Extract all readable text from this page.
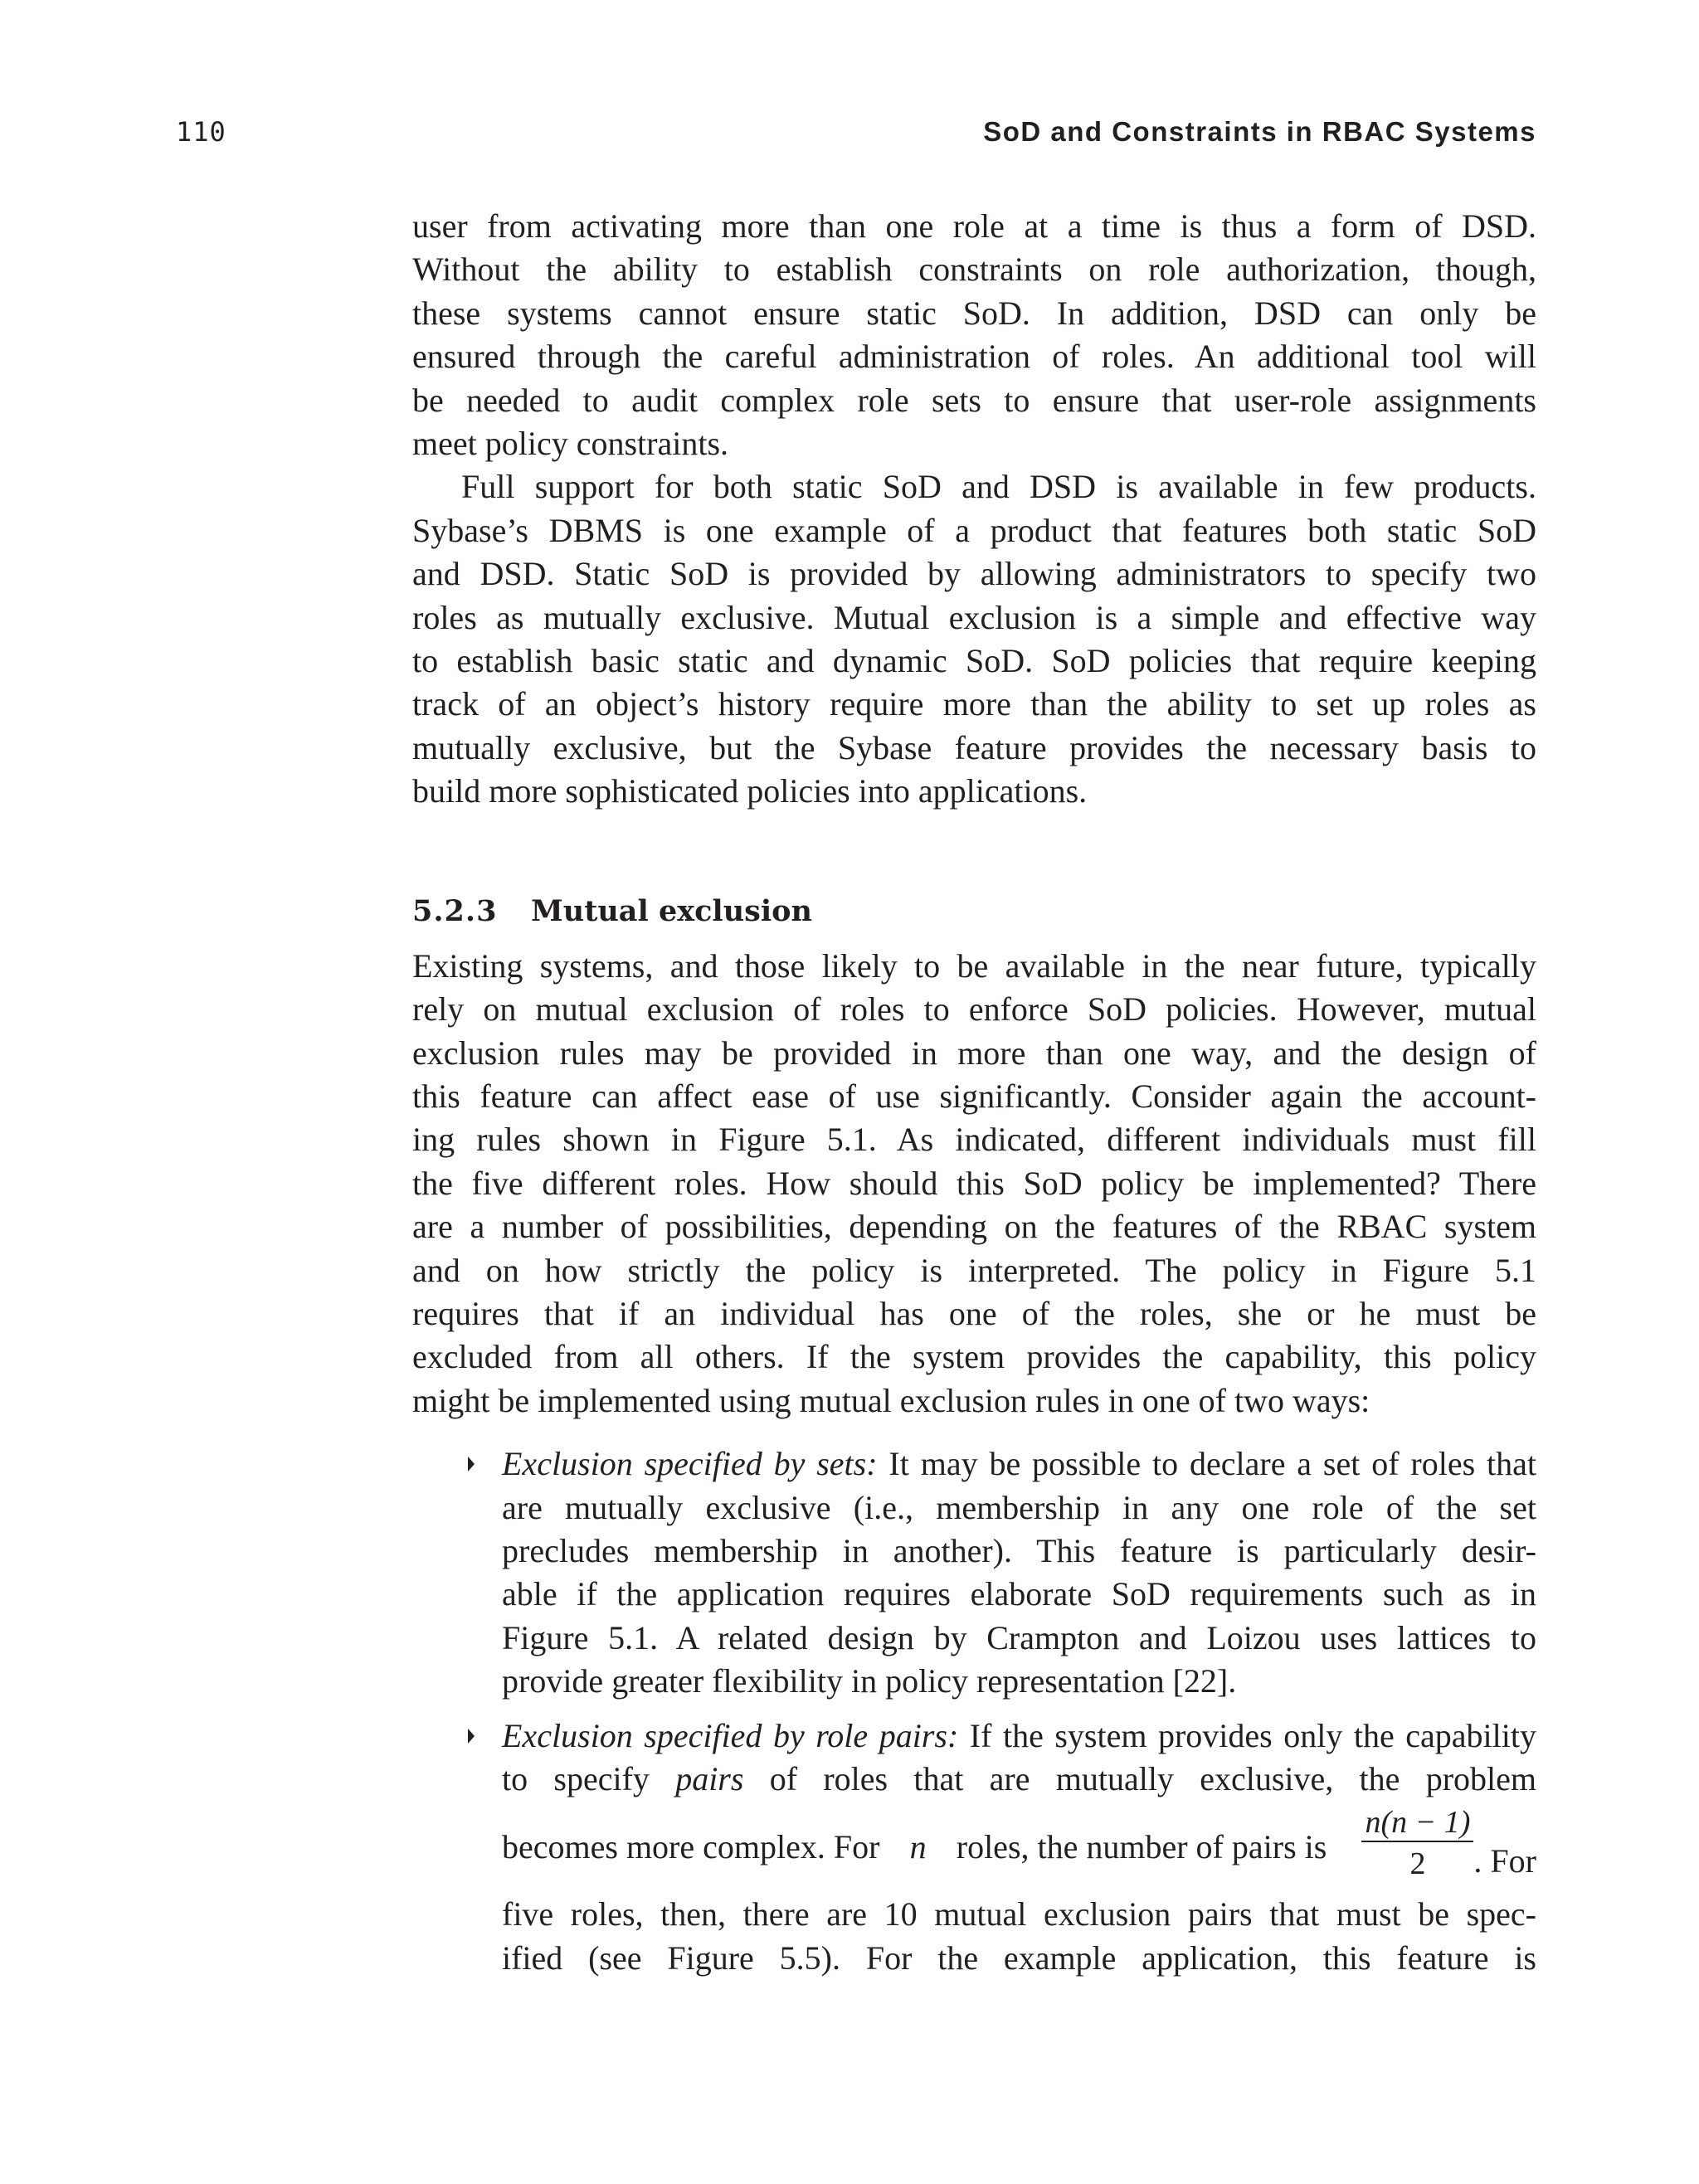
110	SoD and Constraints in RBAC Systems
user from activating more than one role at a time is thus a form of DSD.
Without the ability to establish constraints on role authorization, though,
these systems cannot ensure static SoD. In addition, DSD can only be
ensured through the careful administration of roles. An additional tool will
be needed to audit complex role sets to ensure that user-role assignments
meet policy constraints.
Full support for both static SoD and DSD is available in few products.
Sybase’s DBMS is one example of a product that features both static SoD
and DSD. Static SoD is provided by allowing administrators to specify two
roles as mutually exclusive. Mutual exclusion is a simple and effective way
to establish basic static and dynamic SoD. SoD policies that require keeping
track of an object’s history require more than the ability to set up roles as
mutually exclusive, but the Sybase feature provides the necessary basis to
build more sophisticated policies into applications.
5.2.3 Mutual exclusion
Existing systems, and those likely to be available in the near future, typically
rely on mutual exclusion of roles to enforce SoD policies. However, mutual
exclusion rules may be provided in more than one way, and the design of
this feature can affect ease of use significantly. Consider again the account-
ing rules shown in Figure 5.1. As indicated, different individuals must fill
the five different roles. How should this SoD policy be implemented? There
are a number of possibilities, depending on the features of the RBAC system
and on how strictly the policy is interpreted. The policy in Figure 5.1
requires that if an individual has one of the roles, she or he must be
excluded from all others. If the system provides the capability, this policy
might be implemented using mutual exclusion rules in one of two ways:
Exclusion specified by sets: It may be possible to declare a set of roles that
are mutually exclusive (i.e., membership in any one role of the set
precludes membership in another). This feature is particularly desir-
able if the application requires elaborate SoD requirements such as in
Figure 5.1. A related design by Crampton and Loizou uses lattices to
provide greater flexibility in policy representation [22].
Exclusion specified by role pairs: If the system provides only the capability
to specify pairs of roles that are mutually exclusive, the problem
becomes more complex. For n roles, the number of pairs is $\frac{n(n - 1)}{2}$ . For
five roles, then, there are 10 mutual exclusion pairs that must be spec-
ified (see Figure 5.5). For the example application, this feature is
